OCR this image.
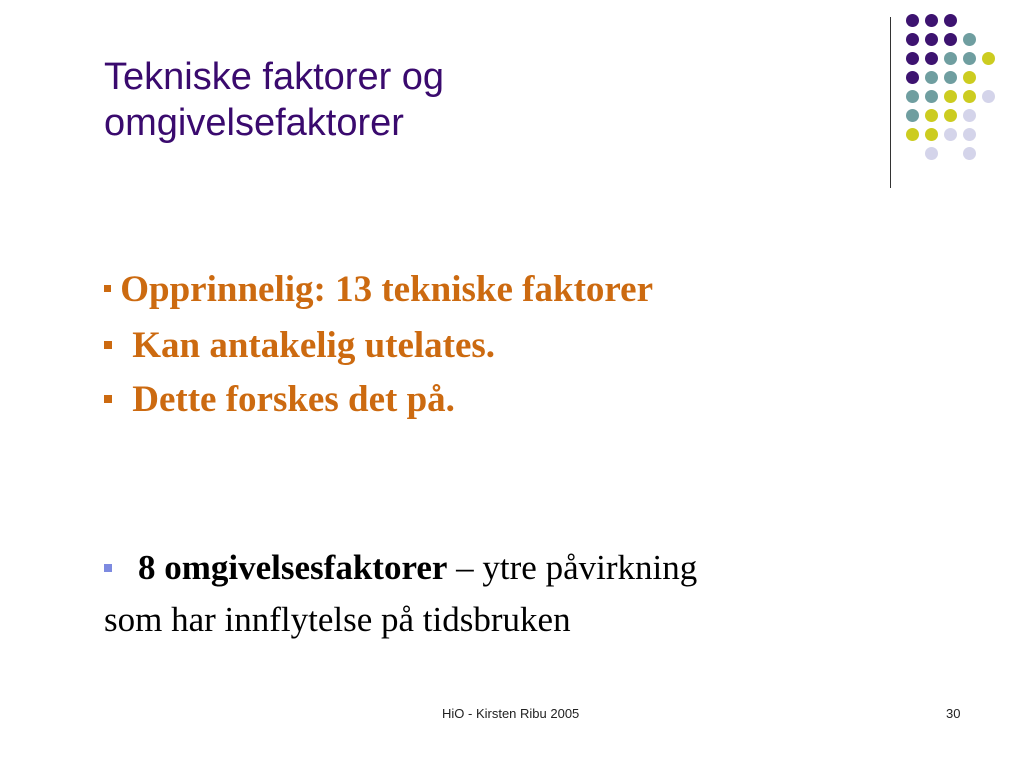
Tekniske faktorer og
omgivelsefaktorer
Opprinnelig: 13 tekniske faktorer
Kan antakelig utelates.
Dette forskes det på.
8 omgivelsesfaktorer – ytre påvirkning
som har innflytelse på tidsbruken
HiO - Kirsten Ribu 2005	30
